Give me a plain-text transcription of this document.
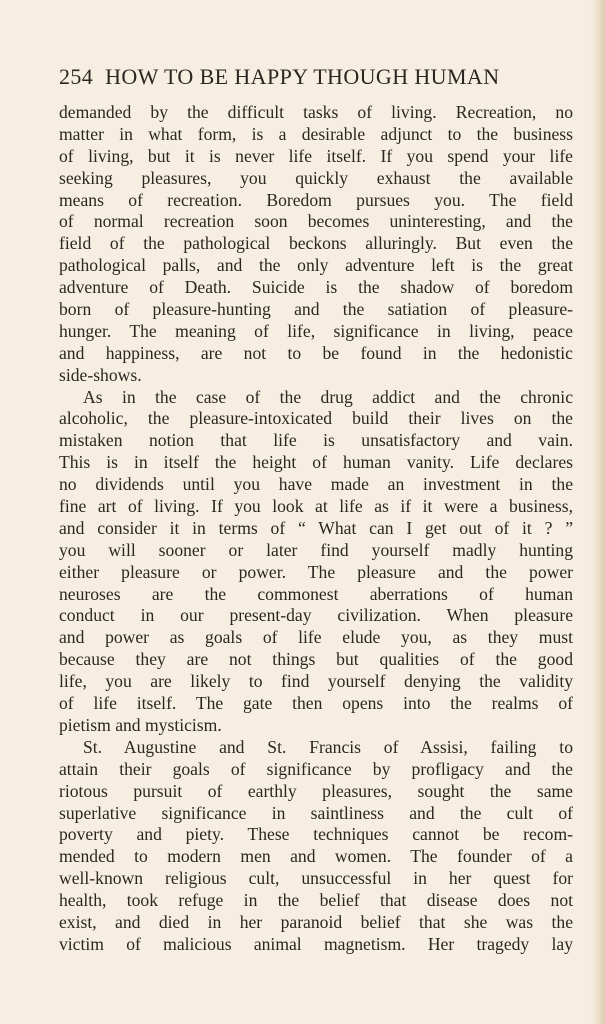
254 HOW TO BE HAPPY THOUGH HUMAN
demanded by the difficult tasks of living. Recreation, no
matter in what form, is a desirable adjunct to the business
of living, but it is never life itself. If you spend your life
seeking pleasures, you quickly exhaust the available
means of recreation. Boredom pursues you. The field
of normal recreation soon becomes uninteresting, and the
field of the pathological beckons alluringly. But even the
pathological palls, and the only adventure left is the great
adventure of Death. Suicide is the shadow of boredom
born of pleasure-hunting and the satiation of pleasure-
hunger. The meaning of life, significance in living, peace
and happiness, are not to be found in the hedonistic
side-shows.
As in the case of the drug addict and the chronic
alcoholic, the pleasure-intoxicated build their lives on the
mistaken notion that life is unsatisfactory and vain.
This is in itself the height of human vanity. Life declares
no dividends until you have made an investment in the
fine art of living. If you look at life as if it were a business,
and consider it in terms of “ What can I get out of it ? ”
you will sooner or later find yourself madly hunting
either pleasure or power. The pleasure and the power
neuroses are the commonest aberrations of human
conduct in our present-day civilization. When pleasure
and power as goals of life elude you, as they must
because they are not things but qualities of the good
life, you are likely to find yourself denying the validity
of life itself. The gate then opens into the realms of
pietism and mysticism.
St. Augustine and St. Francis of Assisi, failing to
attain their goals of significance by profligacy and the
riotous pursuit of earthly pleasures, sought the same
superlative significance in saintliness and the cult of
poverty and piety. These techniques cannot be recom-
mended to modern men and women. The founder of a
well-known religious cult, unsuccessful in her quest for
health, took refuge in the belief that disease does not
exist, and died in her paranoid belief that she was the
victim of malicious animal magnetism. Her tragedy lay
